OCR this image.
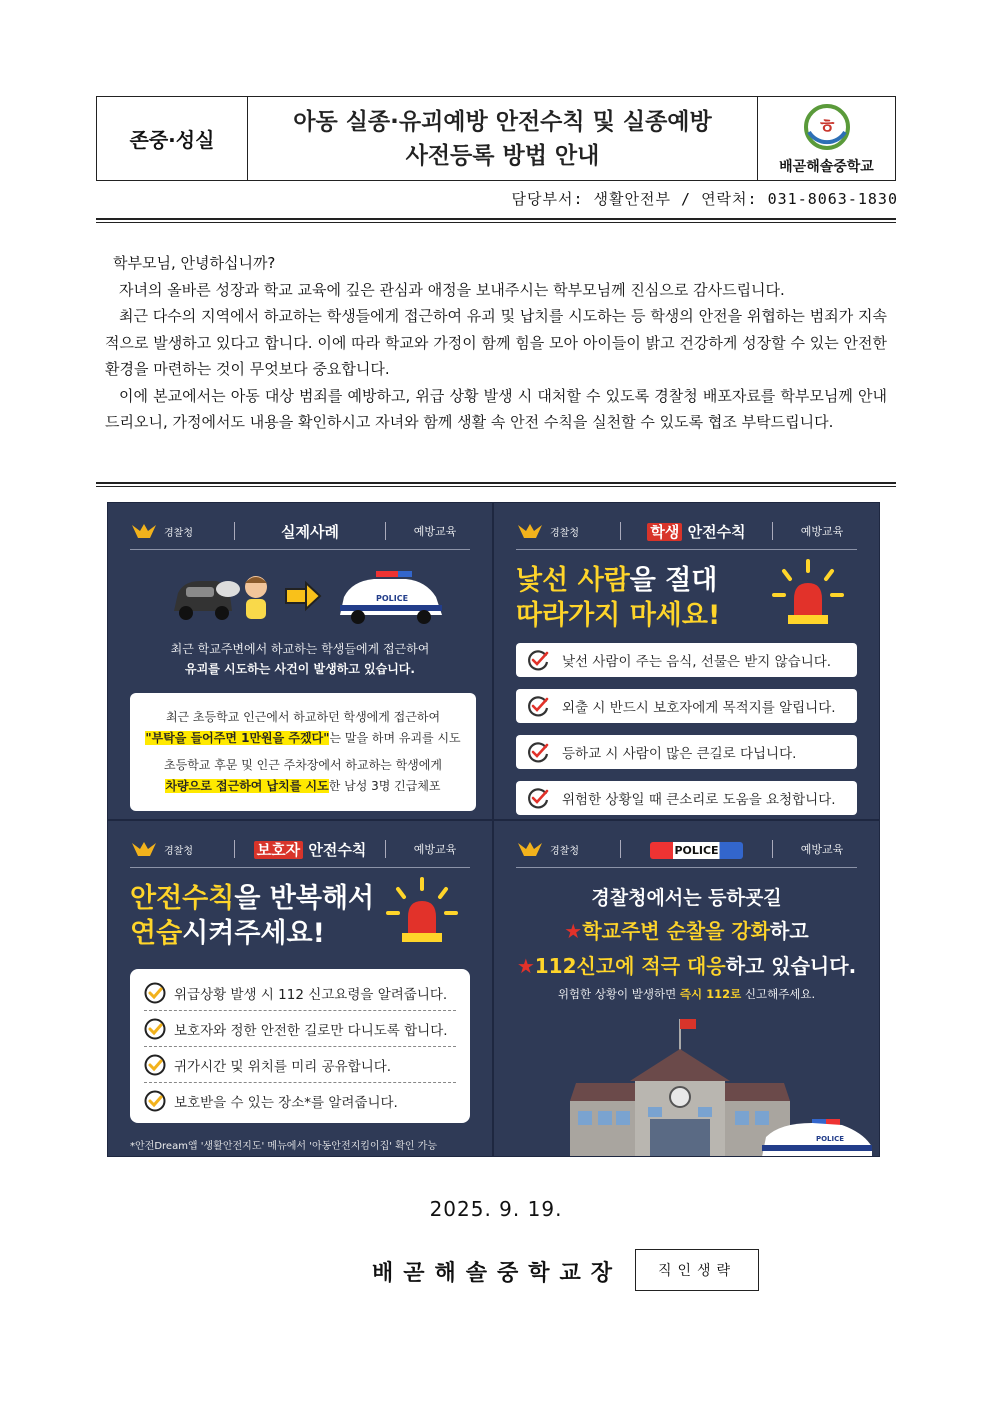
존중·성실
아동 실종·유괴예방 안전수칙 및 실종예방
사전등록 방법 안내
ㅎ
배곧해솔중학교
담당부서: 생활안전부 / 연락처: 031-8063-1830

학부모님, 안녕하십니까?

자녀의 올바른 성장과 학교 교육에 깊은 관심과 애정을 보내주시는 학부모님께 진심으로 감사드립니다.

최근 다수의 지역에서 하교하는 학생들에게 접근하여 유괴 및 납치를 시도하는 등 학생의 안전을 위협하는 범죄가 지속적으로 발생하고 있다고 합니다. 이에 따라 학교와 가정이 함께 힘을 모아 아이들이 밝고 건강하게 성장할 수 있는 안전한 환경을 마련하는 것이 무엇보다 중요합니다.

이에 본교에서는 아동 대상 범죄를 예방하고, 위급 상황 발생 시 대처할 수 있도록 경찰청 배포자료를 학부모님께 안내드리오니, 가정에서도 내용을 확인하시고 자녀와 함께 생활 속 안전 수칙을 실천할 수 있도록 협조 부탁드립니다.

경찰청	실제사례	예방교육
POLICE
최근 학교주변에서 하교하는 학생들에게 접근하여
유괴를 시도하는 사건이 발생하고 있습니다.
최근 초등학교 인근에서 하교하던 학생에게 접근하여
"부탁을 들어주면 1만원을 주겠다"는 말을 하며 유괴를 시도
초등학교 후문 및 인근 주차장에서 하교하는 학생에게
차량으로 접근하여 납치를 시도한 남성 3명 긴급체포
경찰청	학생 안전수칙	예방교육
낯선 사람을 절대
따라가지 마세요!
낯선 사람이 주는 음식, 선물은 받지 않습니다.
외출 시 반드시 보호자에게 목적지를 알립니다.
등하교 시 사람이 많은 큰길로 다닙니다.
위험한 상황일 때 큰소리로 도움을 요청합니다.
경찰청	보호자 안전수칙	예방교육
안전수칙을 반복해서
연습시켜주세요!
위급상황 발생 시 112 신고요령을 알려줍니다.
보호자와 정한 안전한 길로만 다니도록 합니다.
귀가시간 및 위치를 미리 공유합니다.
보호받을 수 있는 장소*를 알려줍니다.
*안전Dream앱 '생활안전지도' 메뉴에서 '아동안전지킴이집' 확인 가능
경찰청	POLICE	예방교육
경찰청에서는 등하굣길
★학교주변 순찰을 강화하고
★112신고에 적극 대응하고 있습니다.
위험한 상황이 발생하면 즉시 112로 신고해주세요.
POLICE
2025. 9. 19.
배곧해솔중학교장	직인생략
